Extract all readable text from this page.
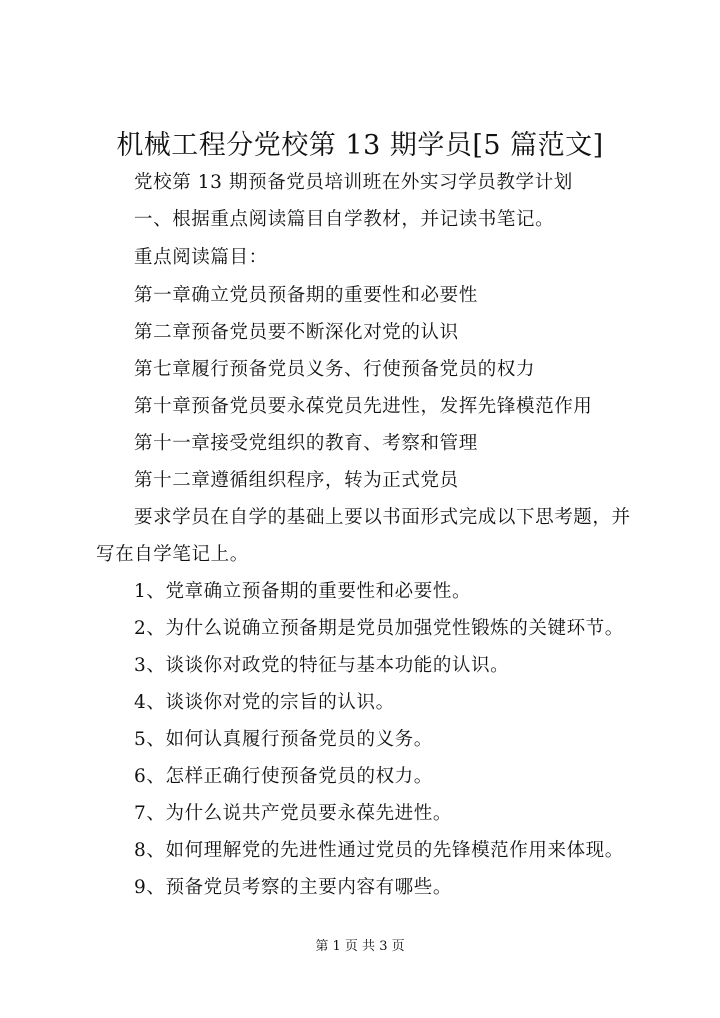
机械工程分党校第 13 期学员[5 篇范文]
党校第 13 期预备党员培训班在外实习学员教学计划
一、根据重点阅读篇目自学教材，并记读书笔记。
重点阅读篇目：
第一章确立党员预备期的重要性和必要性
第二章预备党员要不断深化对党的认识
第七章履行预备党员义务、行使预备党员的权力
第十章预备党员要永葆党员先进性，发挥先锋模范作用
第十一章接受党组织的教育、考察和管理
第十二章遵循组织程序，转为正式党员
要求学员在自学的基础上要以书面形式完成以下思考题，并
写在自学笔记上。
1、党章确立预备期的重要性和必要性。
2、为什么说确立预备期是党员加强党性锻炼的关键环节。
3、谈谈你对政党的特征与基本功能的认识。
4、谈谈你对党的宗旨的认识。
5、如何认真履行预备党员的义务。
6、怎样正确行使预备党员的权力。
7、为什么说共产党员要永葆先进性。
8、如何理解党的先进性通过党员的先锋模范作用来体现。
9、预备党员考察的主要内容有哪些。
第 1 页 共 3 页
